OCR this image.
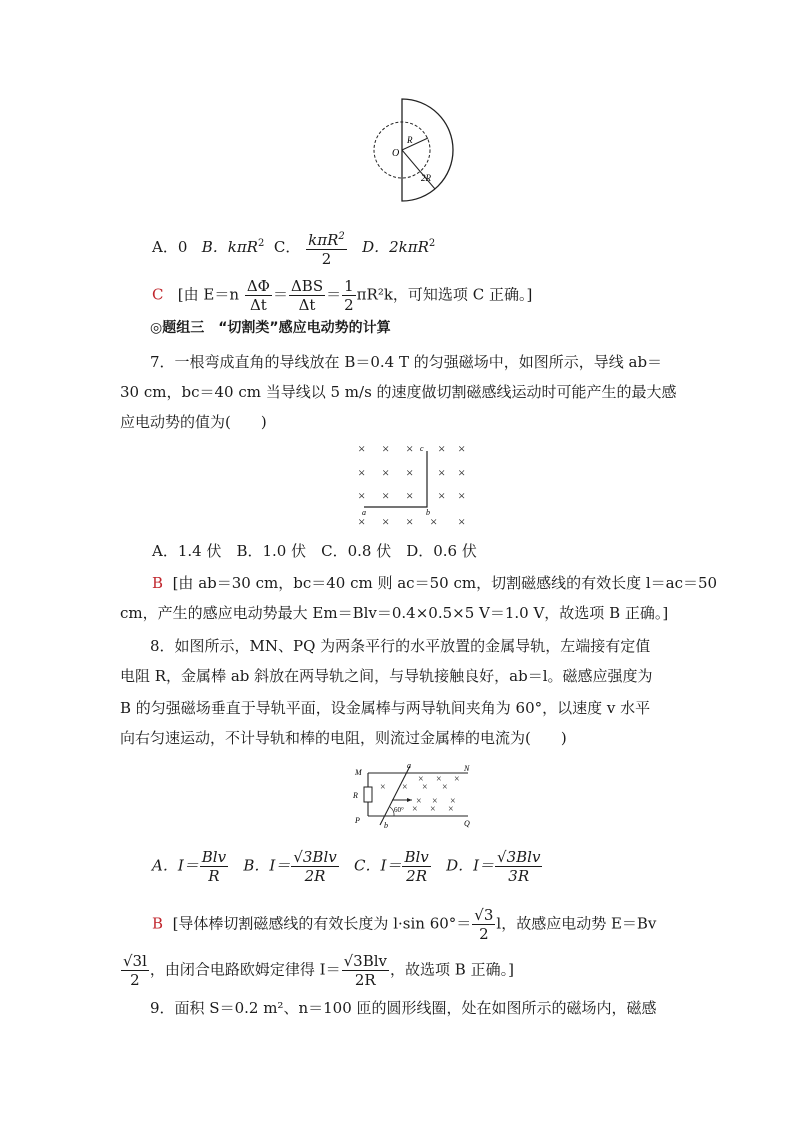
O
R
2R
A．0 B．kπR$^2$ C． $\frac{k\pi R^2}{2}$ D．2kπR$^2$
C [由 $E=n \frac{\Delta\Phi}{\Delta t} = \frac{\text{ΔBS}}{\Delta t} = \frac{1}{2} \pi R^2k$，可知选项 C 正确。]
◎题组三　“切割类”感应电动势的计算
7．一根弯成直角的导线放在 B＝0.4 T 的匀强磁场中，如图所示，导线 ab＝
30 cm，bc＝40 cm 当导线以 5 m/s 的速度做切割磁感线运动时可能产生的最大感
应电动势的值为(　　)
× × × × ×
× × × × ×
× × × × ×
× × × × ×
a	b
c
A．1.4 伏　B．1.0 伏　C．0.8 伏　D．0.6 伏
B [由 ab＝30 cm，bc＝40 cm 则 ac＝50 cm，切割磁感线的有效长度 l＝ac＝50
cm，产生的感应电动势最大 Em＝Blv＝0.4×0.5×5 V＝1.0 V，故选项 B 正确。]
8．如图所示，MN、PQ 为两条平行的水平放置的金属导轨，左端接有定值
电阻 R，金属棒 ab 斜放在两导轨之间，与导轨接触良好，ab＝l。磁感应强度为
B 的匀强磁场垂直于导轨平面，设金属棒与两导轨间夹角为 60°，以速度 v 水平
向右匀速运动，不计导轨和棒的电阻，则流过金属棒的电流为(　　)
× × × ×
× × ×
× × ×
× × ×
M	N
P	Q
R
a
b
60°
A．$I= \frac{\text{Blv}}{R}$ B．$I= \frac{\text{√3Blv}}{2R}$ C．$I= \frac{\text{Blv}}{2R}$ D．$I= \frac{\text{√3Blv}}{3R}$
B [导体棒切割磁感线的有效长度为 l·sin $60^\circ= \frac{√3}{2}$ l，故感应电动势 E＝Bv
$\frac{√3l}{2}$ ，由闭合电路欧姆定律得 $I= \frac{\text{√3Blv}}{2R}$ ，故选项 B 正确。]
9．面积 S＝0.2 m²、n＝100 匝的圆形线圈，处在如图所示的磁场内，磁感
